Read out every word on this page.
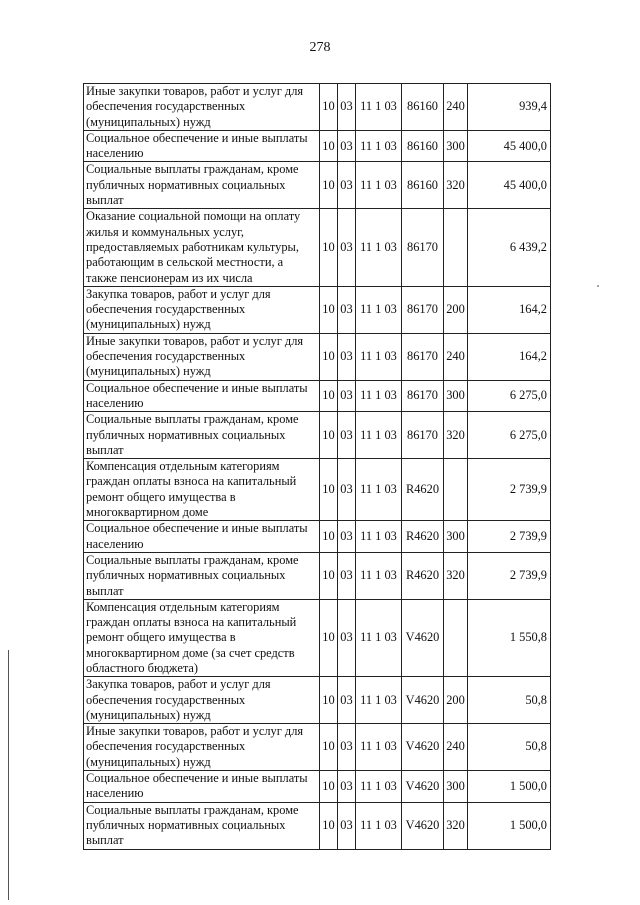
278
Иные закупки товаров, работ и услуг для обеспечения государственных (муниципальных) нужд	10	03	11 1 03	86160	240	939,4
Социальное обеспечение и иные выплаты населению	10	03	11 1 03	86160	300	45 400,0
Социальные выплаты гражданам, кроме публичных нормативных социальных выплат	10	03	11 1 03	86160	320	45 400,0
Оказание социальной помощи на оплату жилья и коммунальных услуг, предоставляемых работникам культуры, работающим в сельской местности, а также пенсионерам из их числа	10	03	11 1 03	86170		6 439,2
Закупка товаров, работ и услуг для обеспечения государственных (муниципальных) нужд	10	03	11 1 03	86170	200	164,2
Иные закупки товаров, работ и услуг для обеспечения государственных (муниципальных) нужд	10	03	11 1 03	86170	240	164,2
Социальное обеспечение и иные выплаты населению	10	03	11 1 03	86170	300	6 275,0
Социальные выплаты гражданам, кроме публичных нормативных социальных выплат	10	03	11 1 03	86170	320	6 275,0
Компенсация отдельным категориям граждан оплаты взноса на капитальный ремонт общего имущества в многоквартирном доме	10	03	11 1 03	R4620		2 739,9
Социальное обеспечение и иные выплаты населению	10	03	11 1 03	R4620	300	2 739,9
Социальные выплаты гражданам, кроме публичных нормативных социальных выплат	10	03	11 1 03	R4620	320	2 739,9
Компенсация отдельным категориям граждан оплаты взноса на капитальный ремонт общего имущества в многоквартирном доме (за счет средств областного бюджета)	10	03	11 1 03	V4620		1 550,8
Закупка товаров, работ и услуг для обеспечения государственных (муниципальных) нужд	10	03	11 1 03	V4620	200	50,8
Иные закупки товаров, работ и услуг для обеспечения государственных (муниципальных) нужд	10	03	11 1 03	V4620	240	50,8
Социальное обеспечение и иные выплаты населению	10	03	11 1 03	V4620	300	1 500,0
Социальные выплаты гражданам, кроме публичных нормативных социальных выплат	10	03	11 1 03	V4620	320	1 500,0
